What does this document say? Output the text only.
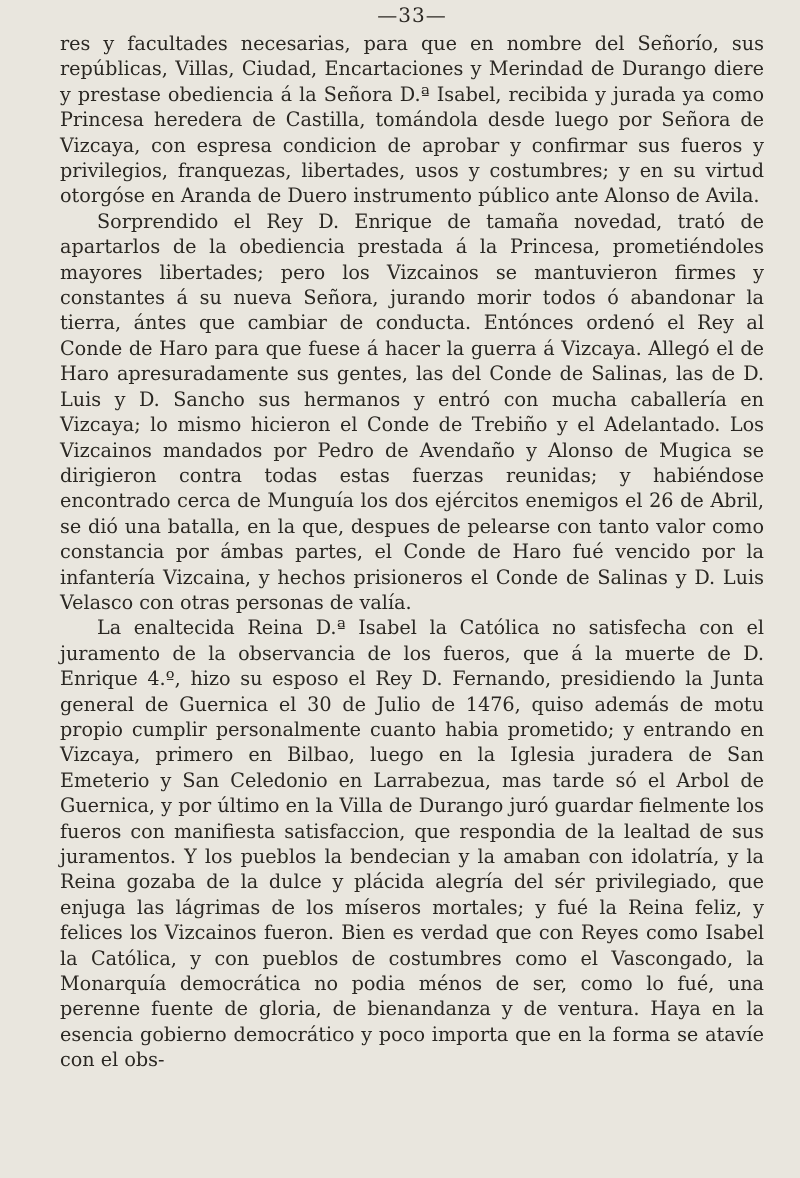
—33—

res y facultades necesarias, para que en nombre del Señorío, sus repúblicas, Villas, Ciudad, Encartaciones y Merindad de Durango diere y prestase obediencia á la Señora D.ª Isabel, recibida y jurada ya como Princesa heredera de Castilla, tomándola desde luego por Señora de Vizcaya, con espresa condicion de aprobar y confirmar sus fueros y privilegios, franquezas, libertades, usos y costumbres; y en su virtud otorgóse en Aranda de Duero instrumento público ante Alonso de Avila.

Sorprendido el Rey D. Enrique de tamaña novedad, trató de apartarlos de la obediencia prestada á la Princesa, prometiéndoles mayores libertades; pero los Vizcainos se mantuvieron firmes y constantes á su nueva Señora, jurando morir todos ó abandonar la tierra, ántes que cambiar de conducta. Entónces ordenó el Rey al Conde de Haro para que fuese á hacer la guerra á Vizcaya. Allegó el de Haro apresuradamente sus gentes, las del Conde de Salinas, las de D. Luis y D. Sancho sus hermanos y entró con mucha caballería en Vizcaya; lo mismo hicieron el Conde de Trebiño y el Adelantado. Los Vizcainos mandados por Pedro de Avendaño y Alonso de Mugica se dirigieron contra todas estas fuerzas reunidas; y habiéndose encontrado cerca de Munguía los dos ejércitos enemigos el 26 de Abril, se dió una batalla, en la que, despues de pelearse con tanto valor como constancia por ámbas partes, el Conde de Haro fué vencido por la infantería Vizcaina, y hechos prisioneros el Conde de Salinas y D. Luis Velasco con otras personas de valía.

La enaltecida Reina D.ª Isabel la Católica no satisfecha con el juramento de la observancia de los fueros, que á la muerte de D. Enrique 4.º, hizo su esposo el Rey D. Fernando, presidiendo la Junta general de Guernica el 30 de Julio de 1476, quiso además de motu propio cumplir personalmente cuanto habia prometido; y entrando en Vizcaya, primero en Bilbao, luego en la Iglesia juradera de San Emeterio y San Celedonio en Larrabezua, mas tarde só el Arbol de Guernica, y por último en la Villa de Durango juró guardar fielmente los fueros con manifiesta satisfaccion, que respondia de la lealtad de sus juramentos. Y los pueblos la bendecian y la amaban con idolatría, y la Reina gozaba de la dulce y plácida alegría del sér privilegiado, que enjuga las lágrimas de los míseros mortales; y fué la Reina feliz, y felices los Vizcainos fueron. Bien es verdad que con Reyes como Isabel la Católica, y con pueblos de costumbres como el Vascongado, la Monarquía democrática no podia ménos de ser, como lo fué, una perenne fuente de gloria, de bienandanza y de ventura. Haya en la esencia gobierno democrático y poco importa que en la forma se atavíe con el obs-
